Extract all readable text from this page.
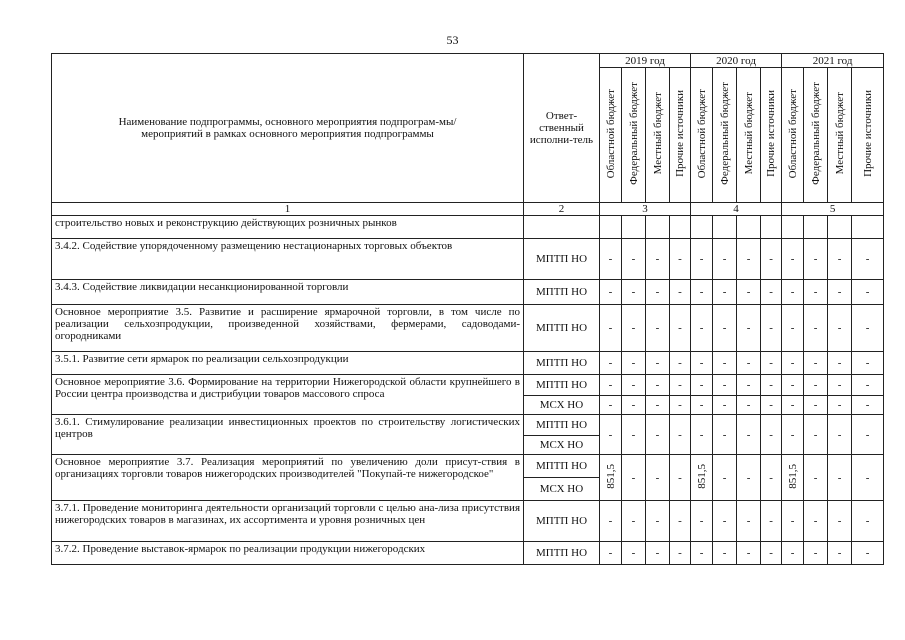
53
Наименование подпрограммы, основного мероприятия подпрограм-мы/мероприятий в рамках основного мероприятия подпрограммы	Ответ-ственный исполни-тель	2019 год				2020 год				2021 год			
		Областной бюджет	Федеральный бюджет	Местный бюджет	Прочие источники	Областной бюджет	Федеральный бюджет	Местный бюджет	Прочие источники	Областной бюджет	Федеральный бюджет	Местный бюджет	Прочие источники
1	2	3				4				5			
строительство новых и реконструкцию действующих розничных рынков													
3.4.2. Содействие упорядоченному размещению нестационарных торговых объектов	МПТП НО	-	-	-	-	-	-	-	-	-	-	-	-
3.4.3. Содействие ликвидации несанкционированной торговли	МПТП НО	-	-	-	-	-	-	-	-	-	-	-	-
Основное мероприятие 3.5. Развитие и расширение ярмарочной торговли, в том числе по реализации сельхозпродукции, произведенной хозяйствами, фермерами, садоводами-огородниками	МПТП НО	-	-	-	-	-	-	-	-	-	-	-	-
3.5.1. Развитие сети ярмарок по реализации сельхозпродукции	МПТП НО	-	-	-	-	-	-	-	-	-	-	-	-
Основное мероприятие 3.6. Формирование на территории Нижегородской области крупнейшего в России центра производства и дистрибуции товаров массового спроса	МПТП НО	-	-	-	-	-	-	-	-	-	-	-	-
	МСХ НО	-	-	-	-	-	-	-	-	-	-	-	-
3.6.1. Стимулирование реализации инвестиционных проектов по строительству логистических центров	МПТП НО	-	-	-	-	-	-	-	-	-	-	-	-
	МСХ НО												
Основное мероприятие 3.7. Реализация мероприятий по увеличению доли присут-ствия в организациях торговли товаров нижегородских производителей "Покупай-те нижегородское"	МПТП НО	851,5	-	-	-	851,5	-	-	-	851,5	-	-	-
	МСХ НО												
3.7.1. Проведение мониторинга деятельности организаций торговли с целью ана-лиза присутствия нижегородских товаров в магазинах, их ассортимента и уровня розничных цен	МПТП НО	-	-	-	-	-	-	-	-	-	-	-	-
3.7.2. Проведение выставок-ярмарок по реализации продукции нижегородских	МПТП НО	-	-	-	-	-	-	-	-	-	-	-	-
